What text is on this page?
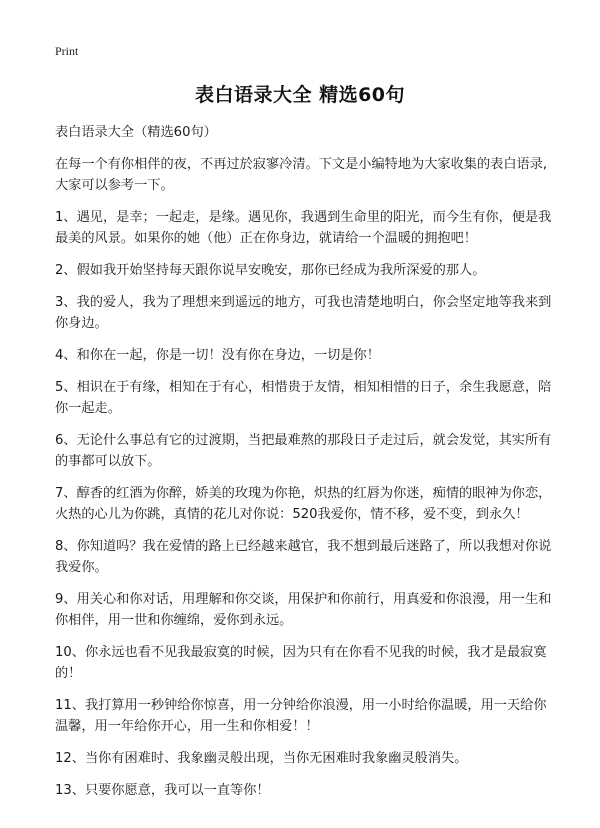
Print
表白语录大全 精选60句

表白语录大全（精选60句）

在每一个有你相伴的夜，不再过於寂寥冷清。下文是小编特地为大家收集的表白语录,大家可以参考一下。

1、遇见，是幸；一起走，是缘。遇见你，我遇到生命里的阳光，而今生有你，便是我最美的风景。如果你的她（他）正在你身边，就请给一个温暖的拥抱吧！

2、假如我开始坚持每天跟你说早安晚安，那你已经成为我所深爱的那人。

3、我的爱人，我为了理想来到遥远的地方，可我也清楚地明白，你会坚定地等我来到你身边。

4、和你在一起，你是一切！没有你在身边，一切是你！

5、相识在于有缘，相知在于有心，相惜贵于友情，相知相惜的日子，余生我愿意，陪你一起走。

6、无论什么事总有它的过渡期，当把最难熬的那段日子走过后，就会发觉，其实所有的事都可以放下。

7、醇香的红酒为你醉，娇美的玫瑰为你艳，炽热的红唇为你迷，痴情的眼神为你恋，火热的心儿为你跳，真情的花儿对你说：520我爱你，情不移，爱不变，到永久！

8、你知道吗？我在爱情的路上已经越来越官，我不想到最后迷路了，所以我想对你说我爱你。

9、用关心和你对话，用理解和你交谈，用保护和你前行，用真爱和你浪漫，用一生和你相伴，用一世和你缠绵，爱你到永远。

10、你永远也看不见我最寂寞的时候，因为只有在你看不见我的时候，我才是最寂寞的！

11、我打算用一秒钟给你惊喜，用一分钟给你浪漫，用一小时给你温暖，用一天给你温馨，用一年给你开心，用一生和你相爱！！

12、当你有困难时、我象幽灵般出现，当你无困难时我象幽灵般消失。

13、只要你愿意，我可以一直等你！
